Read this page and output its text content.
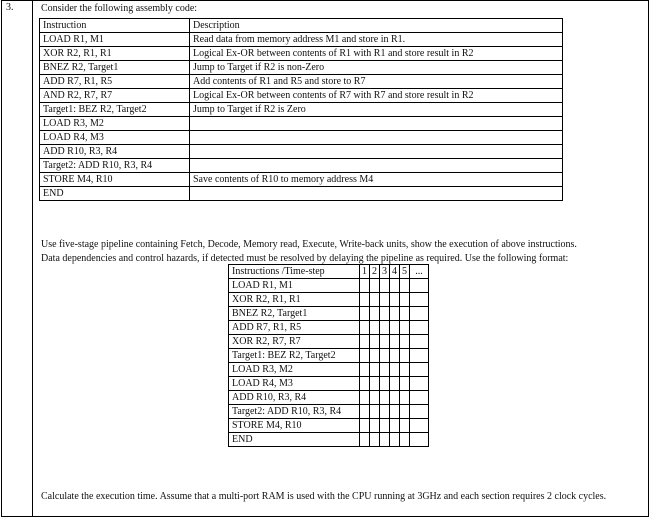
3.	Consider the following assembly code:
Instruction	Description
LOAD R1, M1	Read data from memory address M1 and store in R1.
XOR R2, R1, R1	Logical Ex-OR between contents of R1 with R1 and store result in R2
BNEZ R2, Target1	Jump to Target if R2 is non-Zero
ADD R7, R1, R5	Add contents of R1 and R5 and store to R7
AND R2, R7, R7	Logical Ex-OR between contents of R7 with R7 and store result in R2
Target1: BEZ R2, Target2	Jump to Target if R2 is Zero
LOAD R3, M2	
LOAD R4, M3	
ADD R10, R3, R4	
Target2: ADD R10, R3, R4	
STORE M4, R10	Save contents of R10 to memory address M4
END	
Use five-stage pipeline containing Fetch, Decode, Memory read, Execute, Write-back units, show the execution of above instructions.
Data dependencies and control hazards, if detected must be resolved by delaying the pipeline as required. Use the following format:
Instructions /Time-step	1	2	3	4	5	...
LOAD R1, M1						
XOR R2, R1, R1						
BNEZ R2, Target1						
ADD R7, R1, R5						
XOR R2, R7, R7						
Target1: BEZ R2, Target2						
LOAD R3, M2						
LOAD R4, M3						
ADD R10, R3, R4						
Target2: ADD R10, R3, R4						
STORE M4, R10						
END						
Calculate the execution time. Assume that a multi-port RAM is used with the CPU running at 3GHz and each section requires 2 clock cycles.
